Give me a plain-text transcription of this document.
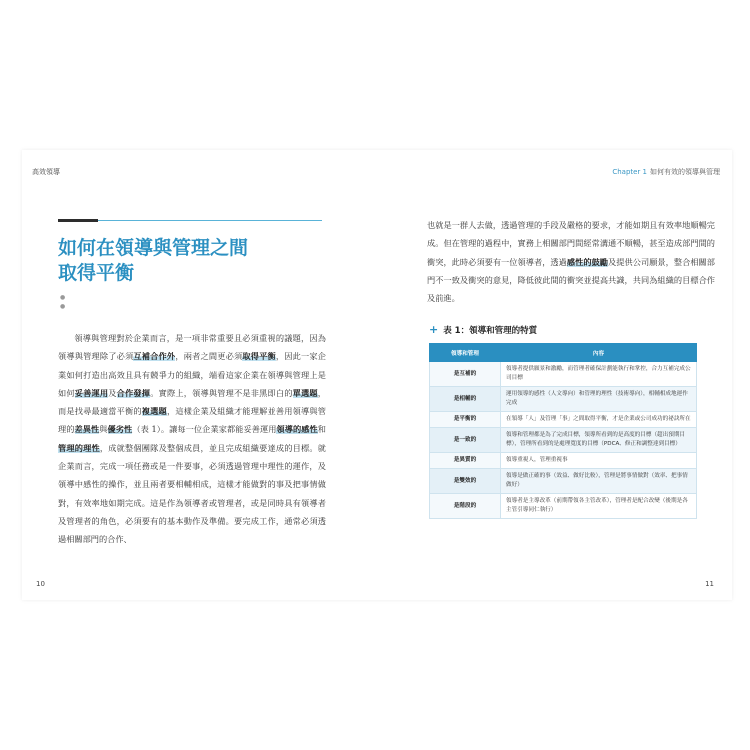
高效領導
如何在領導與管理之間
取得平衡
●
●

領導與管理對於企業而言，是一項非常重要且必須重視的議題，因為領導與管理除了必須互補合作外，兩者之間更必須取得平衡，因此一家企業如何打造出高效且具有競爭力的組織，端看這家企業在領導與管理上是如何妥善運用及合作發揮。實際上，領導與管理不是非黑即白的單選題，而是找尋最適當平衡的複選題，這樣企業及組織才能理解並善用領導與管理的差異性與優劣性（表 1）。讓每一位企業家都能妥善運用領導的感性和管理的理性，成就整個團隊及整個成員，並且完成組織要達成的目標。就企業而言，完成一項任務或是一件要事，必須透過管理中理性的運作，及領導中感性的操作，並且兩者要相輔相成，這樣才能做對的事及把事情做對，有效率地如期完成。這是作為領導者或管理者，或是同時具有領導者及管理者的角色，必須要有的基本動作及準備。要完成工作，通常必須透過相關部門的合作、

10
Chapter 1 如何有效的領導與管理

也就是一群人去做，透過管理的手段及嚴格的要求，才能如期且有效率地順暢完成。但在管理的過程中，實務上相關部門間經常溝通不順暢，甚至造成部門間的衝突，此時必須要有一位領導者，透過感性的鼓勵及提供公司願景，整合相關部門不一致及衝突的意見，降低彼此間的衝突並提高共識，共同為組織的目標合作及前進。

+ 表 1：領導和管理的特質
領導和管理	內容
是互補的	領導者提供願景和激勵，而管理者確保計劃能執行和掌控，合力互補完成公司目標
是相輔的	運用領導的感性（人文導向）和管理的理性（技術導向），相輔相成地運作完成
是平衡的	在領導「人」及管理「事」之間取得平衡，才是企業或公司成功的祕訣所在
是一致的	領導和管理都是為了完成目標，領導所看到的是高度的目標（超出預期目標），管理所看到的是處理寬度的目標（PDCA、修正和調整達到目標）
是異質的	領導重視人，管理重視事
是雙效的	領導是做正確的事（效益、做好比較），管理是將事情做對（效率、把事情做好）
是階段的	領導者是主導改革（前期帶領各主管改革），管理者是配合改變（後期是各主管引導同仁執行）
11
